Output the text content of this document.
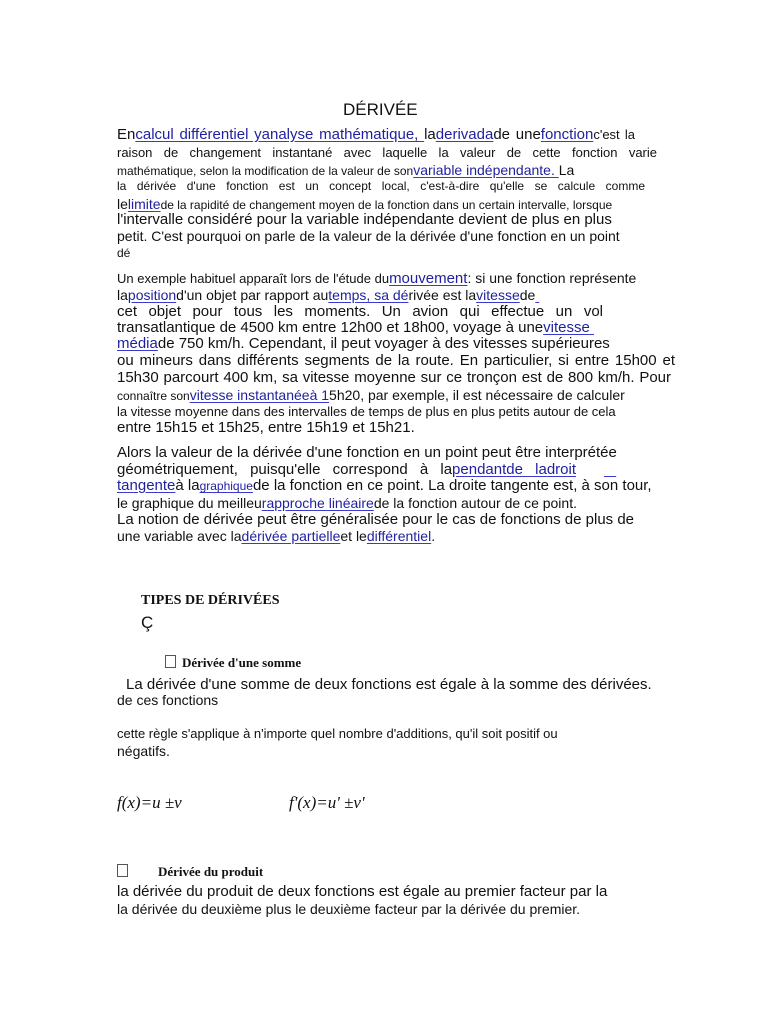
DÉRIVÉE
Encalcul différentiel yanalyse mathématique, laderivadade unefonctionc'est la
raison de changement instantané avec laquelle la valeur de cette fonction varie
mathématique, selon la modification de la valeur de sonvariable indépendante. La
la dérivée d'une fonction est un concept local, c'est-à-dire qu'elle se calcule comme
lelimitede la rapidité de changement moyen de la fonction dans un certain intervalle, lorsque
l'intervalle considéré pour la variable indépendante devient de plus en plus
petit. C'est pourquoi on parle de la valeur de la dérivée d'une fonction en un point
dé
Un exemple habituel apparaît lors de l'étude dumouvement: si une fonction représente
lapositiond'un objet par rapport autemps, sa dérivée est lavitessede
cet objet pour tous les moments. Un avion qui effectue un vol
transatlantique de 4500 km entre 12h00 et 18h00, voyage à unevitesse
médiade 750 km/h. Cependant, il peut voyager à des vitesses supérieures
ou mineurs dans différents segments de la route. En particulier, si entre 15h00 et
15h30 parcourt 400 km, sa vitesse moyenne sur ce tronçon est de 800 km/h. Pour
connaître sonvitesse instantanéeà 15h20, par exemple, il est nécessaire de calculer
la vitesse moyenne dans des intervalles de temps de plus en plus petits autour de cela
entre 15h15 et 15h25, entre 15h19 et 15h21.
Alors la valeur de la dérivée d'une fonction en un point peut être interprétée
géométriquement, puisqu'elle correspond à lapendantde ladroit
tangenteà lagraphiquede la fonction en ce point. La droite tangente est, à son tour,
le graphique du meilleurapproche linéairede la fonction autour de ce point.
La notion de dérivée peut être généralisée pour le cas de fonctions de plus de
une variable avec ladérivée partielleet ledifférentiel.
TIPES DE DÉRIVÉES
Ç
Dérivée d'une somme
La dérivée d'une somme de deux fonctions est égale à la somme des dérivées.
de ces fonctions
cette règle s'applique à n'importe quel nombre d'additions, qu'il soit positif ou
négatifs.
f(x)=u ±v	f'(x)=u' ±v'
Dérivée du produit
la dérivée du produit de deux fonctions est égale au premier facteur par la
la dérivée du deuxième plus le deuxième facteur par la dérivée du premier.
